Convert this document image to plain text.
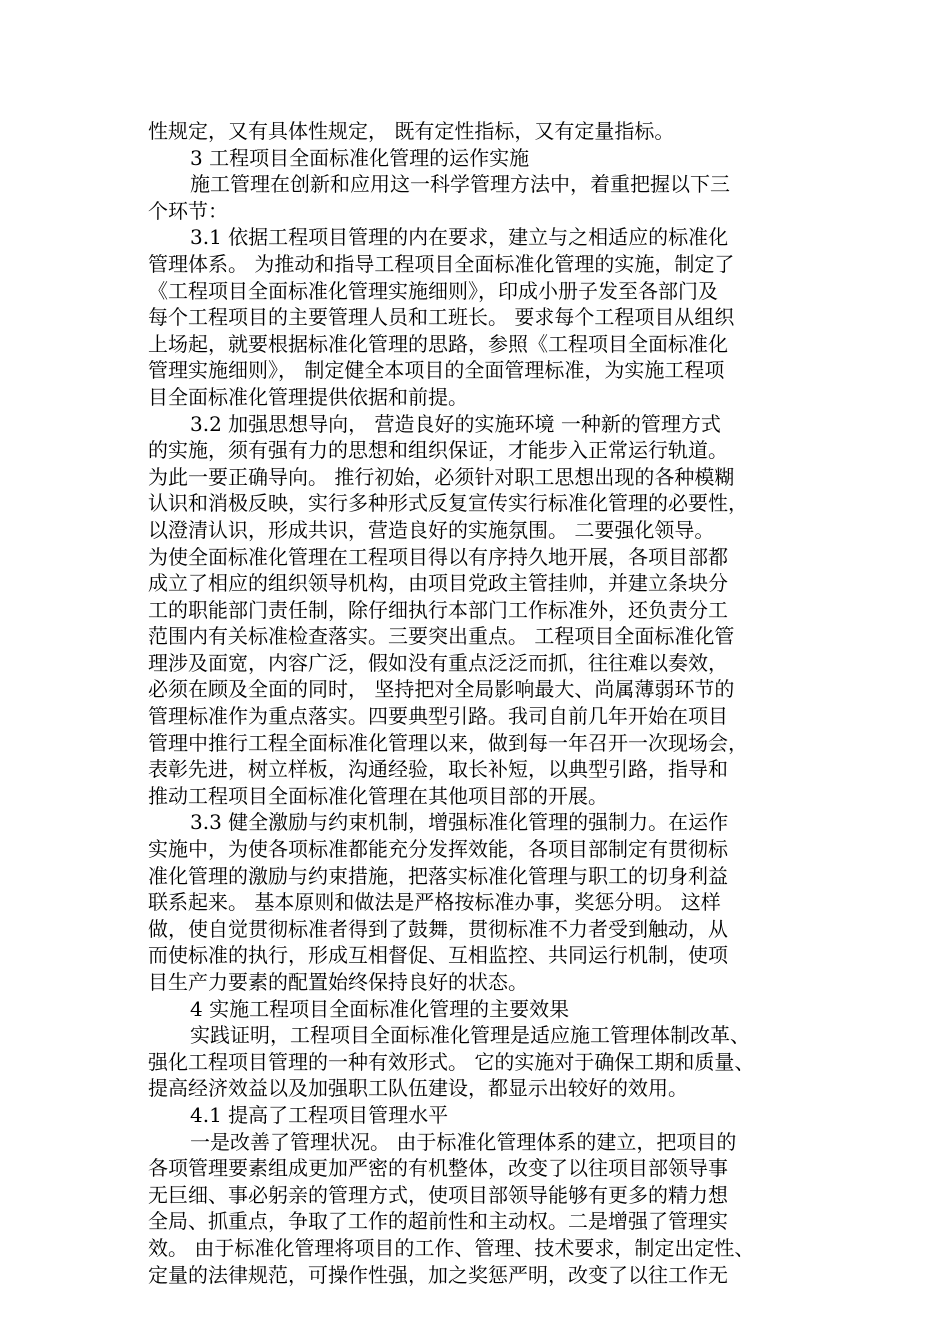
性规定，又有具体性规定， 既有定性指标，又有定量指标。
3 工程项目全面标准化管理的运作实施
施工管理在创新和应用这一科学管理方法中，着重把握以下三
个环节：
3.1 依据工程项目管理的内在要求，建立与之相适应的标准化
管理体系。 为推动和指导工程项目全面标准化管理的实施，制定了
《工程项目全面标准化管理实施细则》，印成小册子发至各部门及
每个工程项目的主要管理人员和工班长。 要求每个工程项目从组织
上场起，就要根据标准化管理的思路，参照《工程项目全面标准化
管理实施细则》， 制定健全本项目的全面管理标准，为实施工程项
目全面标准化管理提供依据和前提。
3.2 加强思想导向， 营造良好的实施环境 一种新的管理方式
的实施，须有强有力的思想和组织保证，才能步入正常运行轨道。
为此一要正确导向。 推行初始，必须针对职工思想出现的各种模糊
认识和消极反映，实行多种形式反复宣传实行标准化管理的必要性，
以澄清认识，形成共识，营造良好的实施氛围。 二要强化领导。
为使全面标准化管理在工程项目得以有序持久地开展，各项目部都
成立了相应的组织领导机构，由项目党政主管挂帅，并建立条块分
工的职能部门责任制，除仔细执行本部门工作标准外，还负责分工
范围内有关标准检查落实。三要突出重点。 工程项目全面标准化管
理涉及面宽，内容广泛，假如没有重点泛泛而抓，往往难以奏效，
必须在顾及全面的同时， 坚持把对全局影响最大、尚属薄弱环节的
管理标准作为重点落实。四要典型引路。我司自前几年开始在项目
管理中推行工程全面标准化管理以来，做到每一年召开一次现场会，
表彰先进，树立样板，沟通经验，取长补短，以典型引路，指导和
推动工程项目全面标准化管理在其他项目部的开展。
3.3 健全激励与约束机制，增强标准化管理的强制力。在运作
实施中，为使各项标准都能充分发挥效能，各项目部制定有贯彻标
准化管理的激励与约束措施，把落实标准化管理与职工的切身利益
联系起来。 基本原则和做法是严格按标准办事，奖惩分明。 这样
做，使自觉贯彻标准者得到了鼓舞，贯彻标准不力者受到触动，从
而使标准的执行，形成互相督促、互相监控、共同运行机制，使项
目生产力要素的配置始终保持良好的状态。
4 实施工程项目全面标准化管理的主要效果
实践证明，工程项目全面标准化管理是适应施工管理体制改革、
强化工程项目管理的一种有效形式。 它的实施对于确保工期和质量、
提高经济效益以及加强职工队伍建设，都显示出较好的效用。
4.1 提高了工程项目管理水平
一是改善了管理状况。 由于标准化管理体系的建立，把项目的
各项管理要素组成更加严密的有机整体，改变了以往项目部领导事
无巨细、事必躬亲的管理方式，使项目部领导能够有更多的精力想
全局、抓重点，争取了工作的超前性和主动权。二是增强了管理实
效。 由于标准化管理将项目的工作、管理、技术要求，制定出定性、
定量的法律规范，可操作性强，加之奖惩严明，改变了以往工作无
